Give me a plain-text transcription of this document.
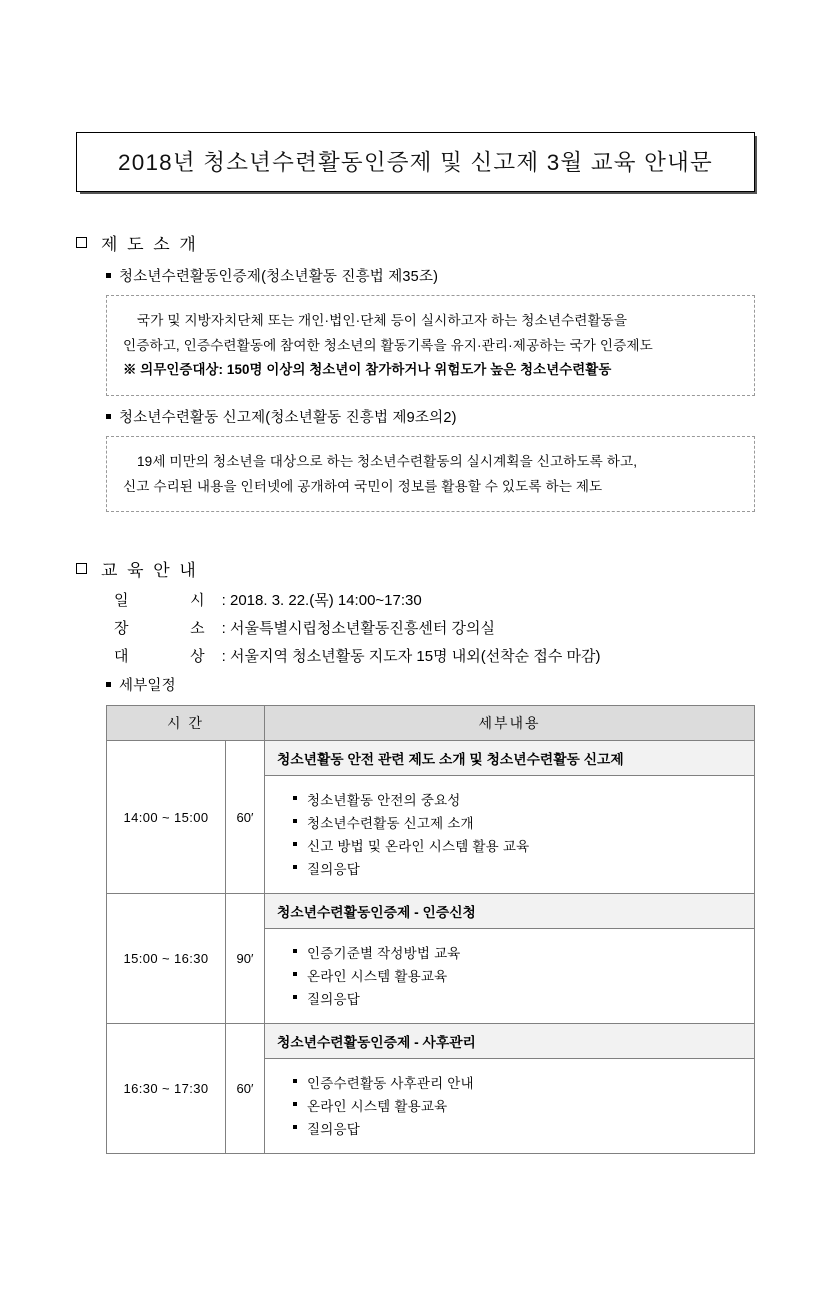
2018년 청소년수련활동인증제 및 신고제 3월 교육 안내문
제 도 소 개
청소년수련활동인증제(청소년활동 진흥법 제35조)
국가 및 지방자치단체 또는 개인·법인·단체 등이 실시하고자 하는 청소년수련활동을
인증하고, 인증수련활동에 참여한 청소년의 활동기록을 유지·관리·제공하는 국가 인증제도
※ 의무인증대상: 150명 이상의 청소년이 참가하거나 위험도가 높은 청소년수련활동
청소년수련활동 신고제(청소년활동 진흥법 제9조의2)
19세 미만의 청소년을 대상으로 하는 청소년수련활동의 실시계획을 신고하도록 하고,
신고 수리된 내용을 인터넷에 공개하여 국민이 정보를 활용할 수 있도록 하는 제도
교 육 안 내
일    시 : 2018. 3. 22.(목) 14:00~17:30
장    소 : 서울특별시립청소년활동진흥센터 강의실
대    상 : 서울지역 청소년활동 지도자 15명 내외(선착순 접수 마감)
세부일정
시 간		세부내용
14:00 ~ 15:00	60′	
청소년활동 안전 관련 제도 소개 및 청소년수련활동 신고제
청소년활동 안전의 중요성
청소년수련활동 신고제 소개
신고 방법 및 온라인 시스템 활용 교육
질의응답

15:00 ~ 16:30	90′	
청소년수련활동인증제 - 인증신청
인증기준별 작성방법 교육
온라인 시스템 활용교육
질의응답

16:30 ~ 17:30	60′	
청소년수련활동인증제 - 사후관리
인증수련활동 사후관리 안내
온라인 시스템 활용교육
질의응답
